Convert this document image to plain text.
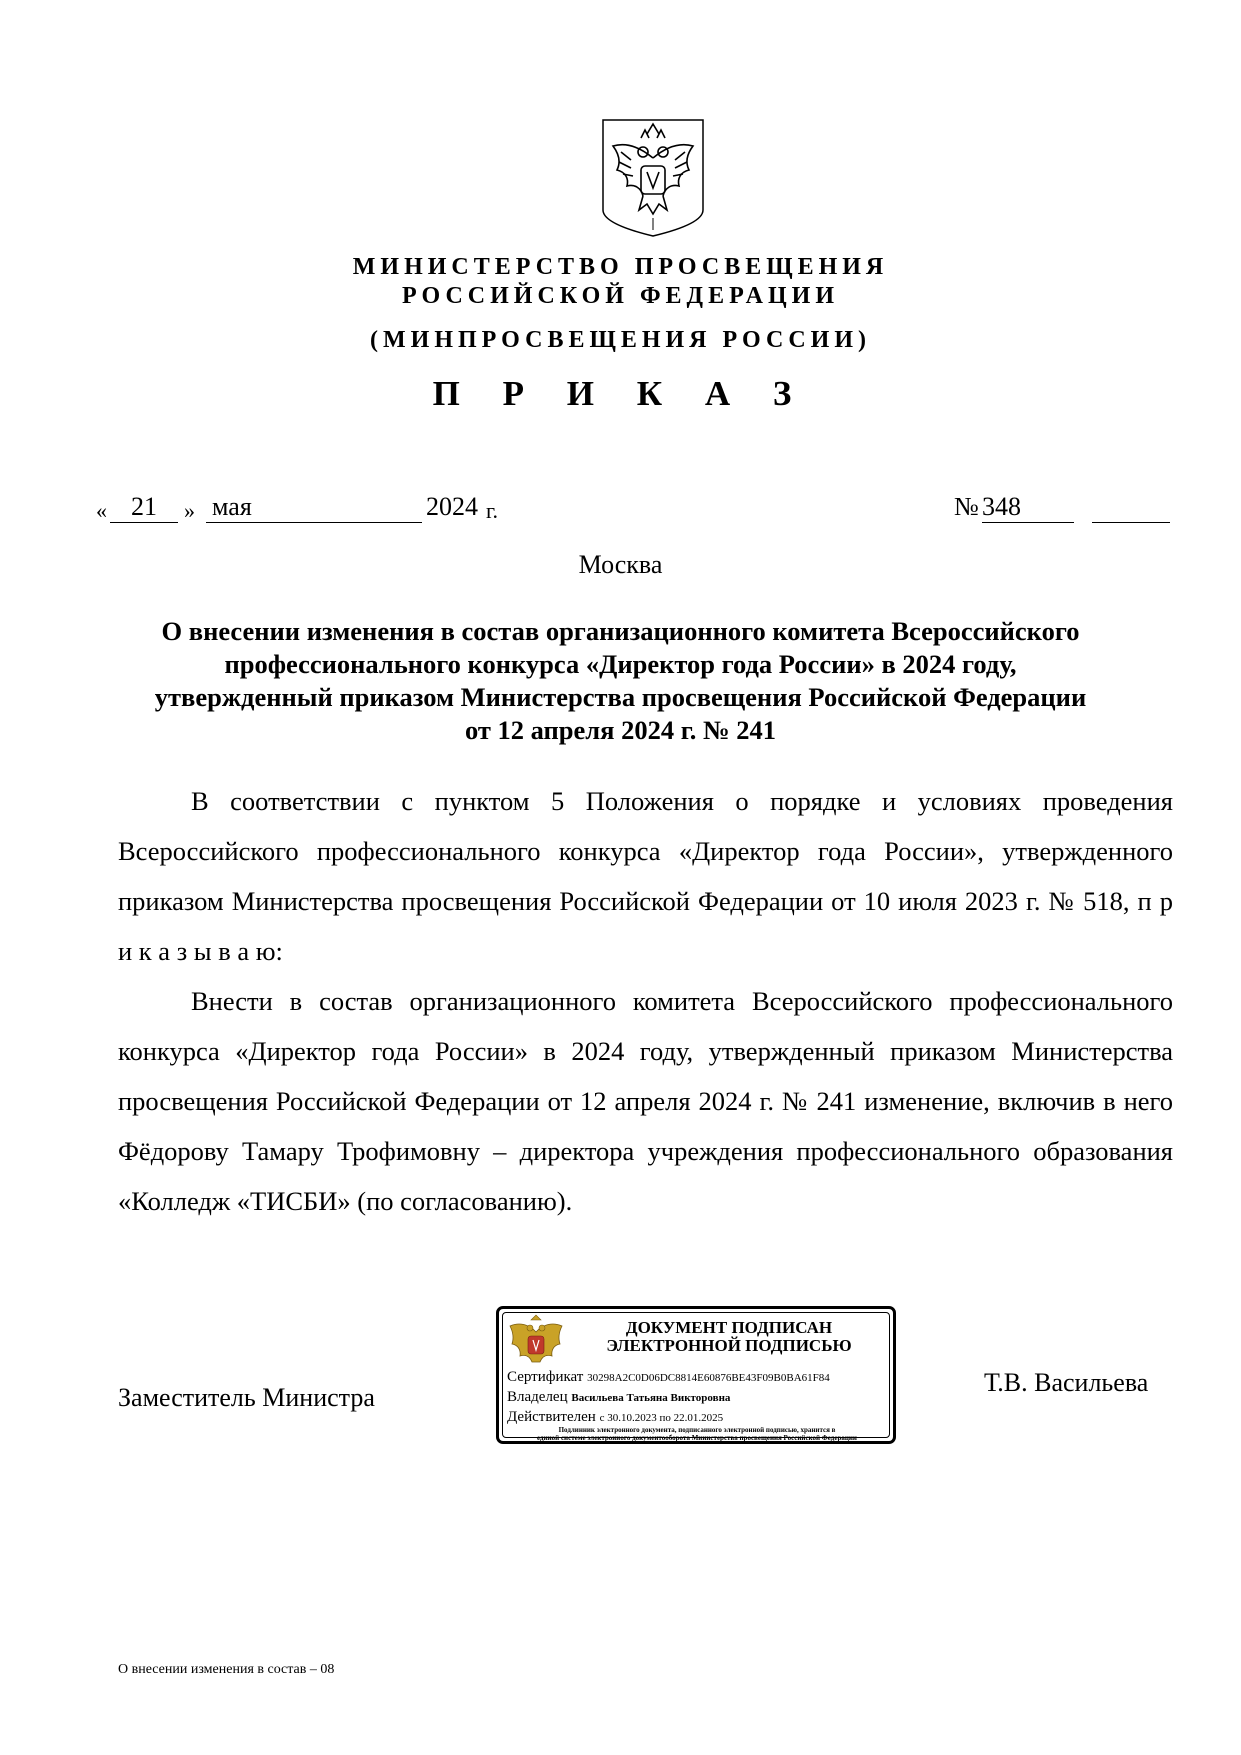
МИНИСТЕРСТВО ПРОСВЕЩЕНИЯ
РОССИЙСКОЙ ФЕДЕРАЦИИ
(МИНПРОСВЕЩЕНИЯ РОССИИ)
П Р И К А З
« 21	» мая	2024 г.	№ 348
Москва
О внесении изменения в состав организационного комитета Всероссийского
профессионального конкурса «Директор года России» в 2024 году,
утвержденный приказом Министерства просвещения Российской Федерации
от 12 апреля 2024 г. № 241

В соответствии с пунктом 5 Положения о порядке и условиях проведения Всероссийского профессионального конкурса «Директор года России», утвержденного приказом Министерства просвещения Российской Федерации от 10 июля 2023 г. № 518, п р и к а з ы в а ю:

Внести в состав организационного комитета Всероссийского профессионального конкурса «Директор года России» в 2024 году, утвержденный приказом Министерства просвещения Российской Федерации от 12 апреля 2024 г. № 241 изменение, включив в него Фёдорову Тамару Трофимовну – директора учреждения профессионального образования «Колледж «ТИСБИ» (по согласованию).

Заместитель Министра
Т.В. Васильева
ДОКУМЕНТ ПОДПИСАН
ЭЛЕКТРОННОЙ ПОДПИСЬЮ
Сертификат 30298A2C0D06DC8814E60876BE43F09B0BA61F84
Владелец Васильева Татьяна Викторовна
Действителен с 30.10.2023 по 22.01.2025
Подлинник электронного документа, подписанного электронной подписью, хранится в
единой системе электронного документооборота Министерства просвещения Российской Федерации
О внесении изменения в состав – 08
